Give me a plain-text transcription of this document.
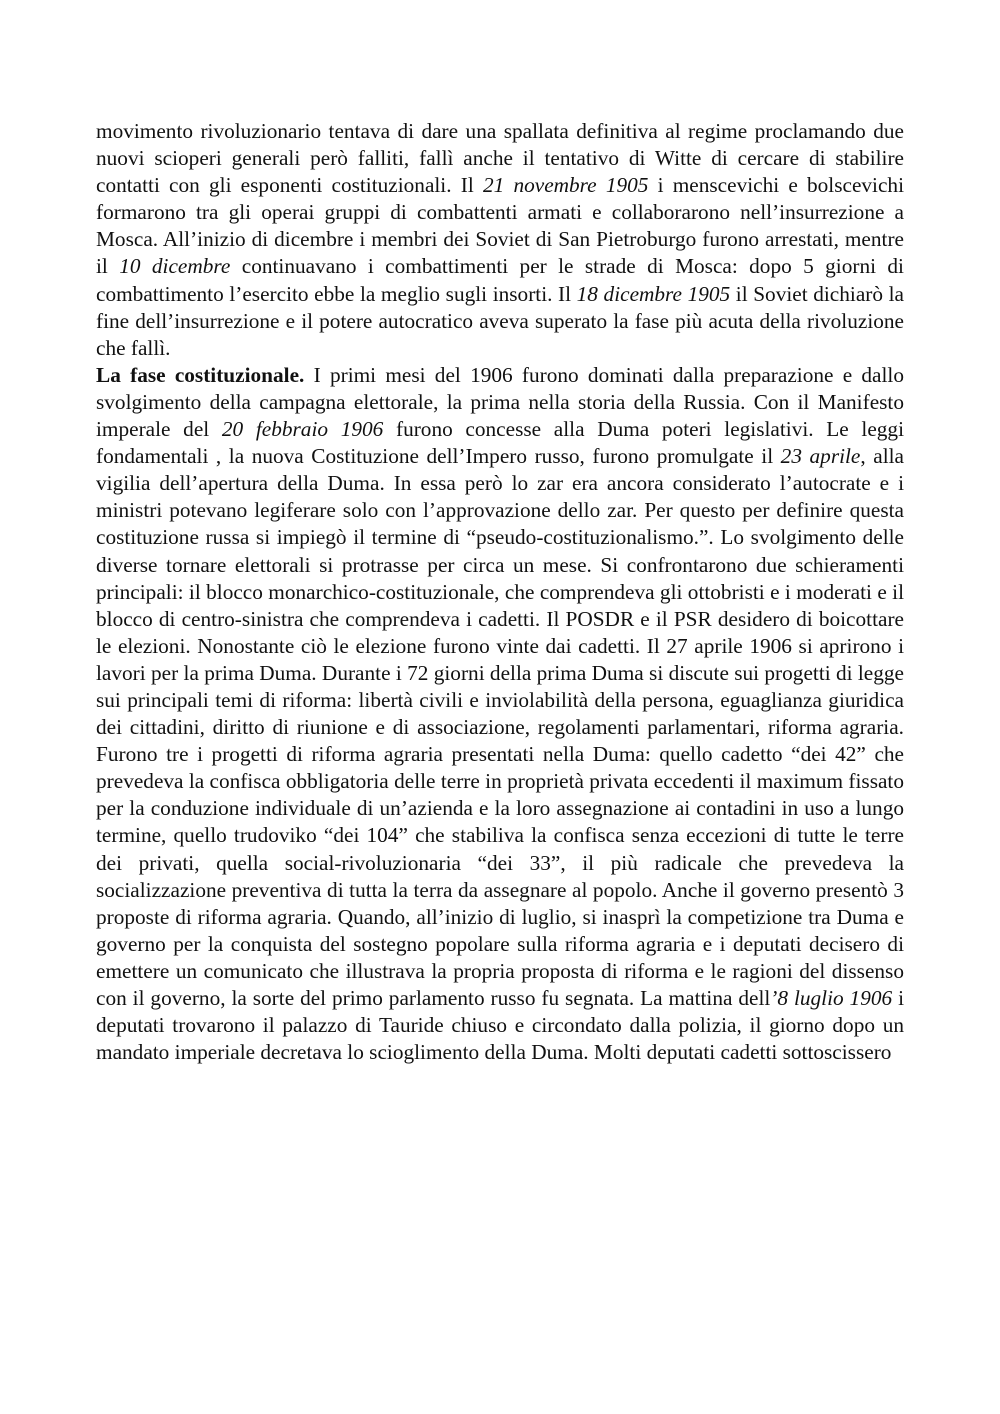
movimento rivoluzionario tentava di dare una spallata definitiva al regime proclamando due nuovi scioperi generali però falliti, fallì anche il tentativo di Witte di cercare di stabilire contatti con gli esponenti costituzionali. Il 21 novembre 1905 i menscevichi e bolscevichi formarono tra gli operai gruppi di combattenti armati e collaborarono nell’insurrezione a Mosca. All’inizio di dicembre i membri dei Soviet di San Pietroburgo furono arrestati, mentre il 10 dicembre continuavano i combattimenti per le strade di Mosca: dopo 5 giorni di combattimento l’esercito ebbe la meglio sugli insorti. Il 18 dicembre 1905 il Soviet dichiarò la fine dell’insurrezione e il potere autocratico aveva superato la fase più acuta della rivoluzione che fallì.

La fase costituzionale. I primi mesi del 1906 furono dominati dalla preparazione e dallo svolgimento della campagna elettorale, la prima nella storia della Russia. Con il Manifesto imperale del 20 febbraio 1906 furono concesse alla Duma poteri legislativi. Le leggi fondamentali , la nuova Costituzione dell’Impero russo, furono promulgate il 23 aprile, alla vigilia dell’apertura della Duma. In essa però lo zar era ancora considerato l’autocrate e i ministri potevano legiferare solo con l’approvazione dello zar. Per questo per definire questa costituzione russa si impiegò il termine di “pseudo-costituzionalismo.”. Lo svolgimento delle diverse tornare elettorali si protrasse per circa un mese. Si confrontarono due schieramenti principali: il blocco monarchico-costituzionale, che comprendeva gli ottobristi e i moderati e il blocco di centro-sinistra che comprendeva i cadetti. Il POSDR e il PSR desidero di boicottare le elezioni. Nonostante ciò le elezione furono vinte dai cadetti. Il 27 aprile 1906 si aprirono i lavori per la prima Duma. Durante i 72 giorni della prima Duma si discute sui progetti di legge sui principali temi di riforma: libertà civili e inviolabilità della persona, eguaglianza giuridica dei cittadini, diritto di riunione e di associazione, regolamenti parlamentari, riforma agraria. Furono tre i progetti di riforma agraria presentati nella Duma: quello cadetto “dei 42” che prevedeva la confisca obbligatoria delle terre in proprietà privata eccedenti il maximum fissato per la conduzione individuale di un’azienda e la loro assegnazione ai contadini in uso a lungo termine, quello trudoviko “dei 104” che stabiliva la confisca senza eccezioni di tutte le terre dei privati, quella social-rivoluzionaria “dei 33”, il più radicale che prevedeva la socializzazione preventiva di tutta la terra da assegnare al popolo. Anche il governo presentò 3 proposte di riforma agraria. Quando, all’inizio di luglio, si inasprì la competizione tra Duma e governo per la conquista del sostegno popolare sulla riforma agraria e i deputati decisero di emettere un comunicato che illustrava la propria proposta di riforma e le ragioni del dissenso con il governo, la sorte del primo parlamento russo fu segnata. La mattina dell’8 luglio 1906 i deputati trovarono il palazzo di Tauride chiuso e circondato dalla polizia, il giorno dopo un mandato imperiale decretava lo scioglimento della Duma. Molti deputati cadetti sottoscissero
